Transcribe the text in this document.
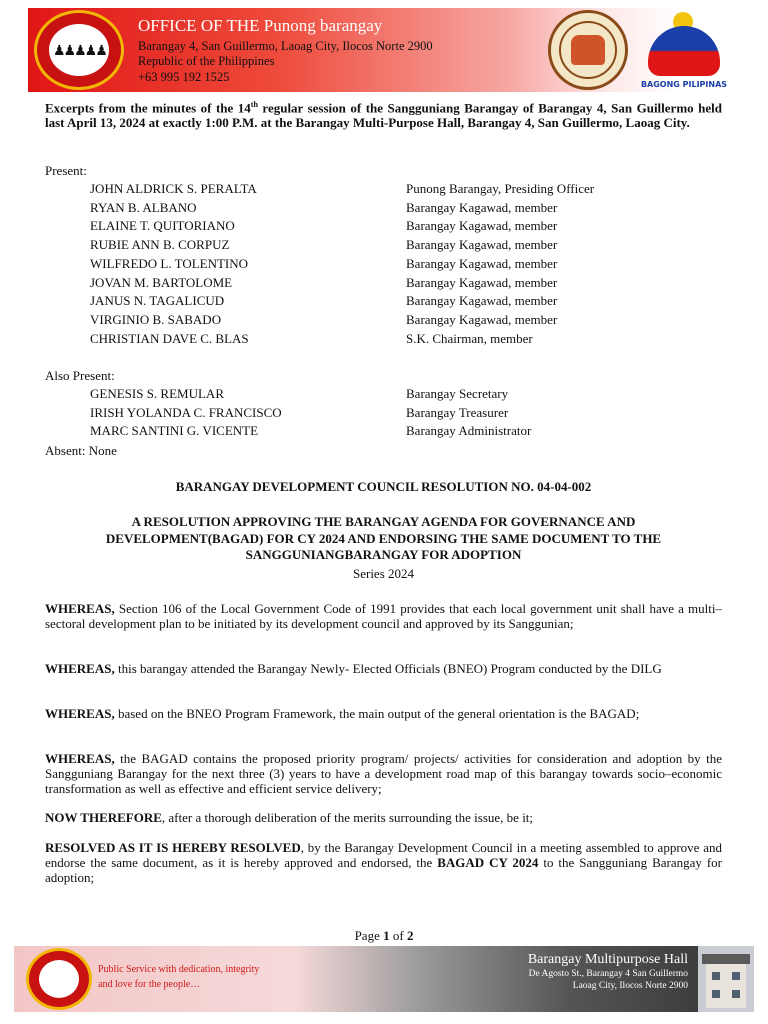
♟♟♟♟♟
OFFICE OF THE Punong barangay
Barangay 4, San Guillermo, Laoag City, Ilocos Norte 2900
Republic of the Philippines
+63 995 192 1525
BAGONG PILIPINAS
Excerpts from the minutes of the 14th regular session of the Sangguniang Barangay of Barangay 4, San Guillermo held last April 13, 2024 at exactly 1:00 P.M. at the Barangay Multi-Purpose Hall, Barangay 4, San Guillermo, Laoag City.
Present:
JOHN ALDRICK S. PERALTA	Punong Barangay, Presiding Officer
RYAN B. ALBANO	Barangay Kagawad, member
ELAINE T. QUITORIANO	Barangay Kagawad, member
RUBIE ANN B. CORPUZ	Barangay Kagawad, member
WILFREDO L. TOLENTINO	Barangay Kagawad, member
JOVAN M. BARTOLOME	Barangay Kagawad, member
JANUS N. TAGALICUD	Barangay Kagawad, member
VIRGINIO B. SABADO	Barangay Kagawad, member
CHRISTIAN DAVE C. BLAS	S.K. Chairman, member
Also Present:
GENESIS S. REMULAR	Barangay Secretary
IRISH YOLANDA C. FRANCISCO	Barangay Treasurer
MARC SANTINI G. VICENTE	Barangay Administrator
Absent: None
BARANGAY DEVELOPMENT COUNCIL RESOLUTION NO. 04-04-002
A RESOLUTION APPROVING THE BARANGAY AGENDA FOR GOVERNANCE AND DEVELOPMENT(BAGAD) FOR CY 2024 AND ENDORSING THE SAME DOCUMENT TO THE SANGGUNIANGBARANGAY FOR ADOPTION
Series 2024
WHEREAS, Section 106 of the Local Government Code of 1991 provides that each local government unit shall have a multi–sectoral development plan to be initiated by its development council and approved by its Sanggunian;
WHEREAS, this barangay attended the Barangay Newly- Elected Officials (BNEO) Program conducted by the DILG
WHEREAS, based on the BNEO Program Framework, the main output of the general orientation is the BAGAD;
WHEREAS, the BAGAD contains the proposed priority program/ projects/ activities for consideration and adoption by the Sangguniang Barangay for the next three (3) years to have a development road map of this barangay towards socio–economic transformation as well as effective and efficient service delivery;
NOW THEREFORE, after a thorough deliberation of the merits surrounding the issue, be it;
RESOLVED AS IT IS HEREBY RESOLVED, by the Barangay Development Council in a meeting assembled to approve and endorse the same document, as it is hereby approved and endorsed, the BAGAD CY 2024 to the Sangguniang Barangay for adoption;
Page 1 of 2
Public Service with dedication, integrity
and love for the people…
Barangay Multipurpose Hall
De Agosto St., Barangay 4 San Guillermo
Laoag City, Ilocos Norte 2900
